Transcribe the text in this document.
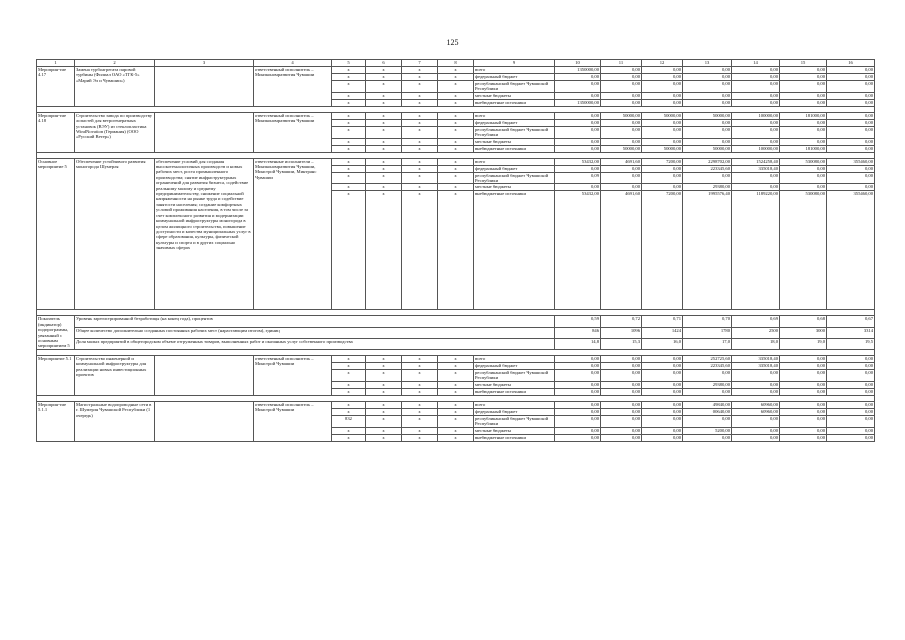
125
1	2	3	4	5	6	7	8	9	10	11	12	13	14	15	16
Мероприя-тие 4.17	Замена турбоагрегата паровой турбины (Филиал ОАО «ТГК-5» «Марий Эл и Чувашии»)		ответственный исполнитель – Минэкономразвития Чувашии	x	x	x	x	всего	1350000,00	0,00	0,00	0,00	0,00	0,00	0,00
				x	x	x	x	федеральный бюджет	0,00	0,00	0,00	0,00	0,00	0,00	0,00
				x	x	x	x	республиканский бюджет Чувашской Республики	0,00	0,00	0,00	0,00	0,00	0,00	0,00
				x	x	x	x	местные бюджеты	0,00	0,00	0,00	0,00	0,00	0,00	0,00
				x	x	x	x	внебюджетные источники	1350000,00	0,00	0,00	0,00	0,00	0,00	0,00

Мероприя-тие 4.18	Строительство завода по производству лопастей для ветрогенератных установок (ВЭУ) из стеклопластика WindNovation (Германия) (ООО «Русский Ветер»)		ответственный исполнитель – Минэкономразвития Чувашии	x	x	x	x	всего	0,00	50000,00	50000,00	50000,00	100000,00	181000,00	0,00
				x	x	x	x	федеральный бюджет	0,00	0,00	0,00	0,00	0,00	0,00	0,00
				x	x	x	x	республиканский бюджет Чувашской Республики	0,00	0,00	0,00	0,00	0,00	0,00	0,00
				x	x	x	x	местные бюджеты	0,00	0,00	0,00	0,00	0,00	0,00	0,00
				x	x	x	x	внебюджетные источники	0,00	50000,00	50000,00	50000,00	100000,00	181000,00	0,00

Основное мероприятие 5	Обеспечение устойчивого развития моногорода Шумерля	обеспечение условий для создания высокотехнологичных производств и новых рабочих мест, роста промышленного производства; снятие инфраструктурных ограничений для развития бизнеса, содействие реальному малому и среднему предпринимательству, снижение социальной напряженности на рынке труда и содействие занятости населения; создание комфортных условий проживания населения, в том числе за счет комплексного развития и модернизации коммунальной инфраструктуры моногорода в целом жилищного строительства, повышение доступности и качества муниципальных услуг в сфере образования, культуры, физической культуры и спорта и в других социально значимых сферах	ответственные исполнители – Минэкономразвития Чувашии, Минстрой Чувашии, Минтранс Чувашии	x	x	x	x	всего	53432,00	4691,60	7200,00	2298702,00	1524258,40	530080,00	355460,00
				x	x	x	x	федеральный бюджет	0,00	0,00	0,00	223345,60	335018,40	0,00	0,00
				x	x	x	x	республиканский бюджет Чувашской Республики	0,09	0,00	0,00	0,00	0,00	0,00	0,00
				x	x	x	x	местные бюджеты	0,00	0,00	0,00	29380,00	0,00	0,00	0,00
				x	x	x	x	внебюджетные источники	53432,00	4691,60	7200,00	1995576,40	1189220,00	530080,00	355460,00

Показатель (индикатор) подпрограммы, увязанный с основным мероприятием 5	Уровень зарегистрированной безработицы (на конец года), процентов								0,59	0,72	0,71	0,70	0,69	0,68	0,67
	Общее количество дополнительно созданных постоянных рабочих мест (нарастающим итогом), единиц								846	1096	1424	1780	2500	3000	3314
	Доля малых предприятий в общегородском объеме отгруженных товаров, выполненных работ и оказанных услуг собственного производства								14,8	15,3	16,0	17,0	18,0	19,0	19,5

Мероприятие 5.1	Строительство инженерной и коммунальной инфраструктуры для реализации новых инвестиционных проектов		ответственный исполнитель – Минстрой Чувашии	x	x	x	x	всего	0,00	0,00	0,00	252725,60	335018,40	0,00	0,00
				x	x	x	x	федеральный бюджет	0,00	0,00	0,00	223345,60	335018,40	0,00	0,00
				x	x	x	x	республиканский бюджет Чувашской Республики	0,00	0,00	0,00	0,00	0,00	0,00	0,00
				x	x	x	x	местные бюджеты	0,00	0,00	0,00	29380,00	0,00	0,00	0,00
				x	x	x	x	внебюджетные источники	0,00	0,00	0,00	0,00	0,00	0,00	0,00

Мероприя-тие 5.1.1	Магистральные водопроводные сети в г. Шумерля Чувашской Республики (1 очередь)		ответственный исполнитель – Минстрой Чувашии	x	x	x	x	всего	0,00	0,00	0,00	49840,00	60960,00	0,00	0,00
				x	x	x	x	федеральный бюджет	0,00	0,00	0,00	00640,00	60960,00	0,00	0,00
				832	x	x	x	республиканский бюджет Чувашской Республики	0,00	0,00	0,00	0,00	0,00	0,00	0,00
				x	x	x	x	местные бюджеты	0,00	0,00	0,00	5200,00	0,00	0,00	0,00
				x	x	x	x	внебюджетные источники	0,00	0,00	0,00	0,00	0,00	0,00	0,00
